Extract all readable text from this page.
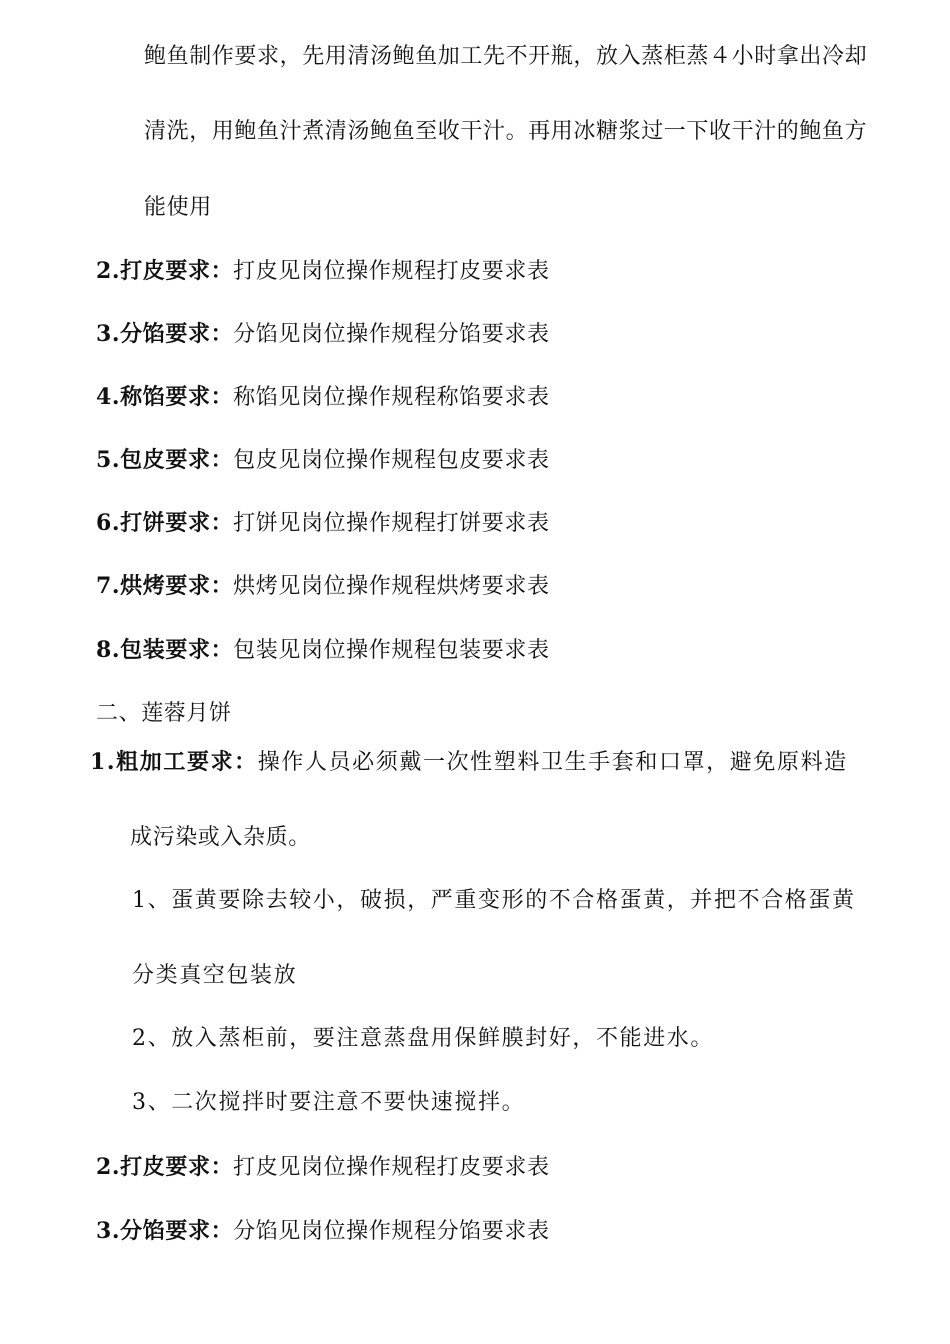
鲍鱼制作要求，先用清汤鲍鱼加工先不开瓶，放入蒸柜蒸４小时拿出冷却
清洗，用鲍鱼汁煮清汤鲍鱼至收干汁。再用冰糖浆过一下收干汁的鲍鱼方
能使用
2.打皮要求：打皮见岗位操作规程打皮要求表
3.分馅要求：分馅见岗位操作规程分馅要求表
4.称馅要求：称馅见岗位操作规程称馅要求表
5.包皮要求：包皮见岗位操作规程包皮要求表
6.打饼要求：打饼见岗位操作规程打饼要求表
7.烘烤要求：烘烤见岗位操作规程烘烤要求表
8.包装要求：包装见岗位操作规程包装要求表
二、莲蓉月饼
1.粗加工要求：操作人员必须戴一次性塑料卫生手套和口罩，避免原料造
成污染或入杂质。
1、蛋黄要除去较小，破损，严重变形的不合格蛋黄，并把不合格蛋黄
分类真空包装放
2、放入蒸柜前，要注意蒸盘用保鲜膜封好，不能进水。
3、二次搅拌时要注意不要快速搅拌。
2.打皮要求：打皮见岗位操作规程打皮要求表
3.分馅要求：分馅见岗位操作规程分馅要求表
